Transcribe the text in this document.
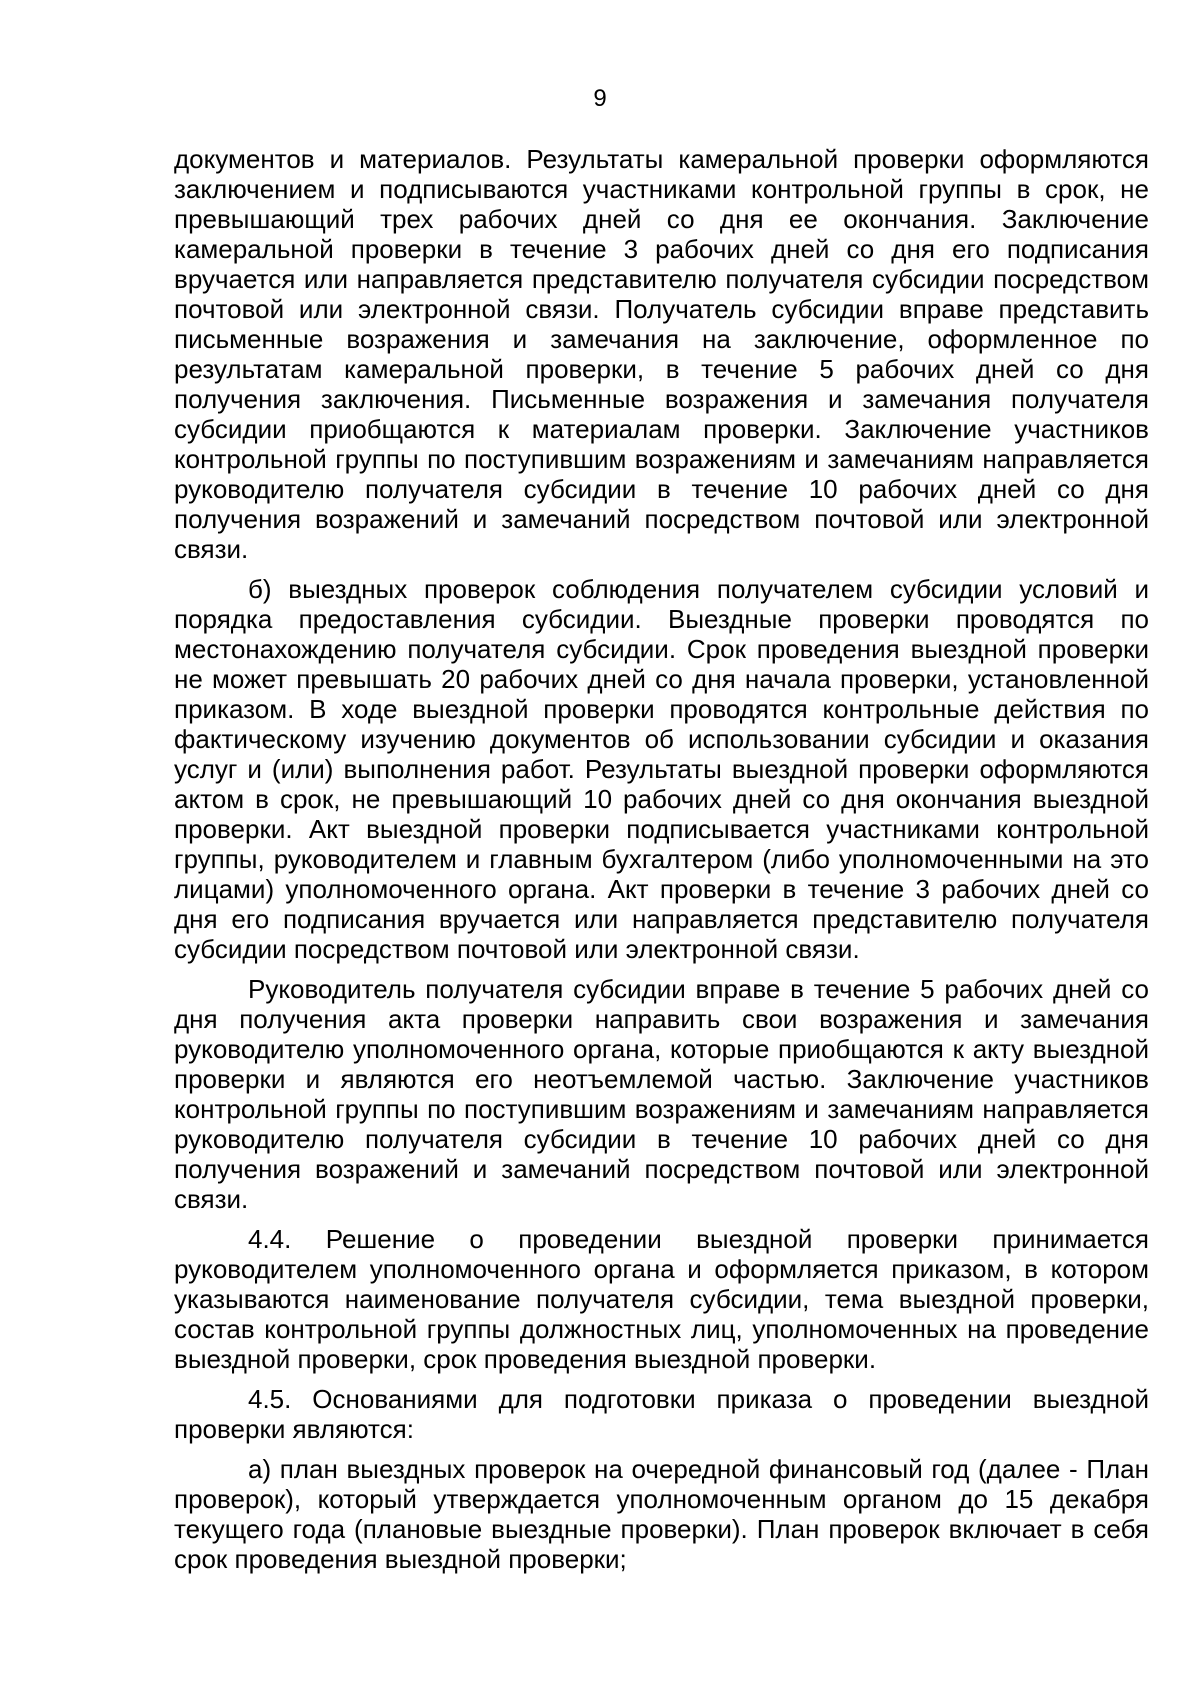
9

документов и материалов. Результаты камеральной проверки оформляются заключением и подписываются участниками контрольной группы в срок, не превышающий трех рабочих дней со дня ее окончания. Заключение камеральной проверки в течение 3 рабочих дней со дня его подписания вручается или направляется представителю получателя субсидии посредством почтовой или электронной связи. Получатель субсидии вправе представить письменные возражения и замечания на заключение, оформленное по результатам камеральной проверки, в течение 5 рабочих дней со дня получения заключения. Письменные возражения и замечания получателя субсидии приобщаются к материалам проверки. Заключение участников контрольной группы по поступившим возражениям и замечаниям направляется руководителю получателя субсидии в течение 10 рабочих дней со дня получения возражений и замечаний посредством почтовой или электронной связи.

б) выездных проверок соблюдения получателем субсидии условий и порядка предоставления субсидии. Выездные проверки проводятся по местонахождению получателя субсидии. Срок проведения выездной проверки не может превышать 20 рабочих дней со дня начала проверки, установленной приказом. В ходе выездной проверки проводятся контрольные действия по фактическому изучению документов об использовании субсидии и оказания услуг и (или) выполнения работ. Результаты выездной проверки оформляются актом в срок, не превышающий 10 рабочих дней со дня окончания выездной проверки. Акт выездной проверки подписывается участниками контрольной группы, руководителем и главным бухгалтером (либо уполномоченными на это лицами) уполномоченного органа. Акт проверки в течение 3 рабочих дней со дня его подписания вручается или направляется представителю получателя субсидии посредством почтовой или электронной связи.

Руководитель получателя субсидии вправе в течение 5 рабочих дней со дня получения акта проверки направить свои возражения и замечания руководителю уполномоченного органа, которые приобщаются к акту выездной проверки и являются его неотъемлемой частью. Заключение участников контрольной группы по поступившим возражениям и замечаниям направляется руководителю получателя субсидии в течение 10 рабочих дней со дня получения возражений и замечаний посредством почтовой или электронной связи.

4.4. Решение о проведении выездной проверки принимается руководителем уполномоченного органа и оформляется приказом, в котором указываются наименование получателя субсидии, тема выездной проверки, состав контрольной группы должностных лиц, уполномоченных на проведение выездной проверки, срок проведения выездной проверки.

4.5. Основаниями для подготовки приказа о проведении выездной проверки являются:

а) план выездных проверок на очередной финансовый год (далее - План проверок), который утверждается уполномоченным органом до 15 декабря текущего года (плановые выездные проверки). План проверок включает в себя срок проведения выездной проверки;
